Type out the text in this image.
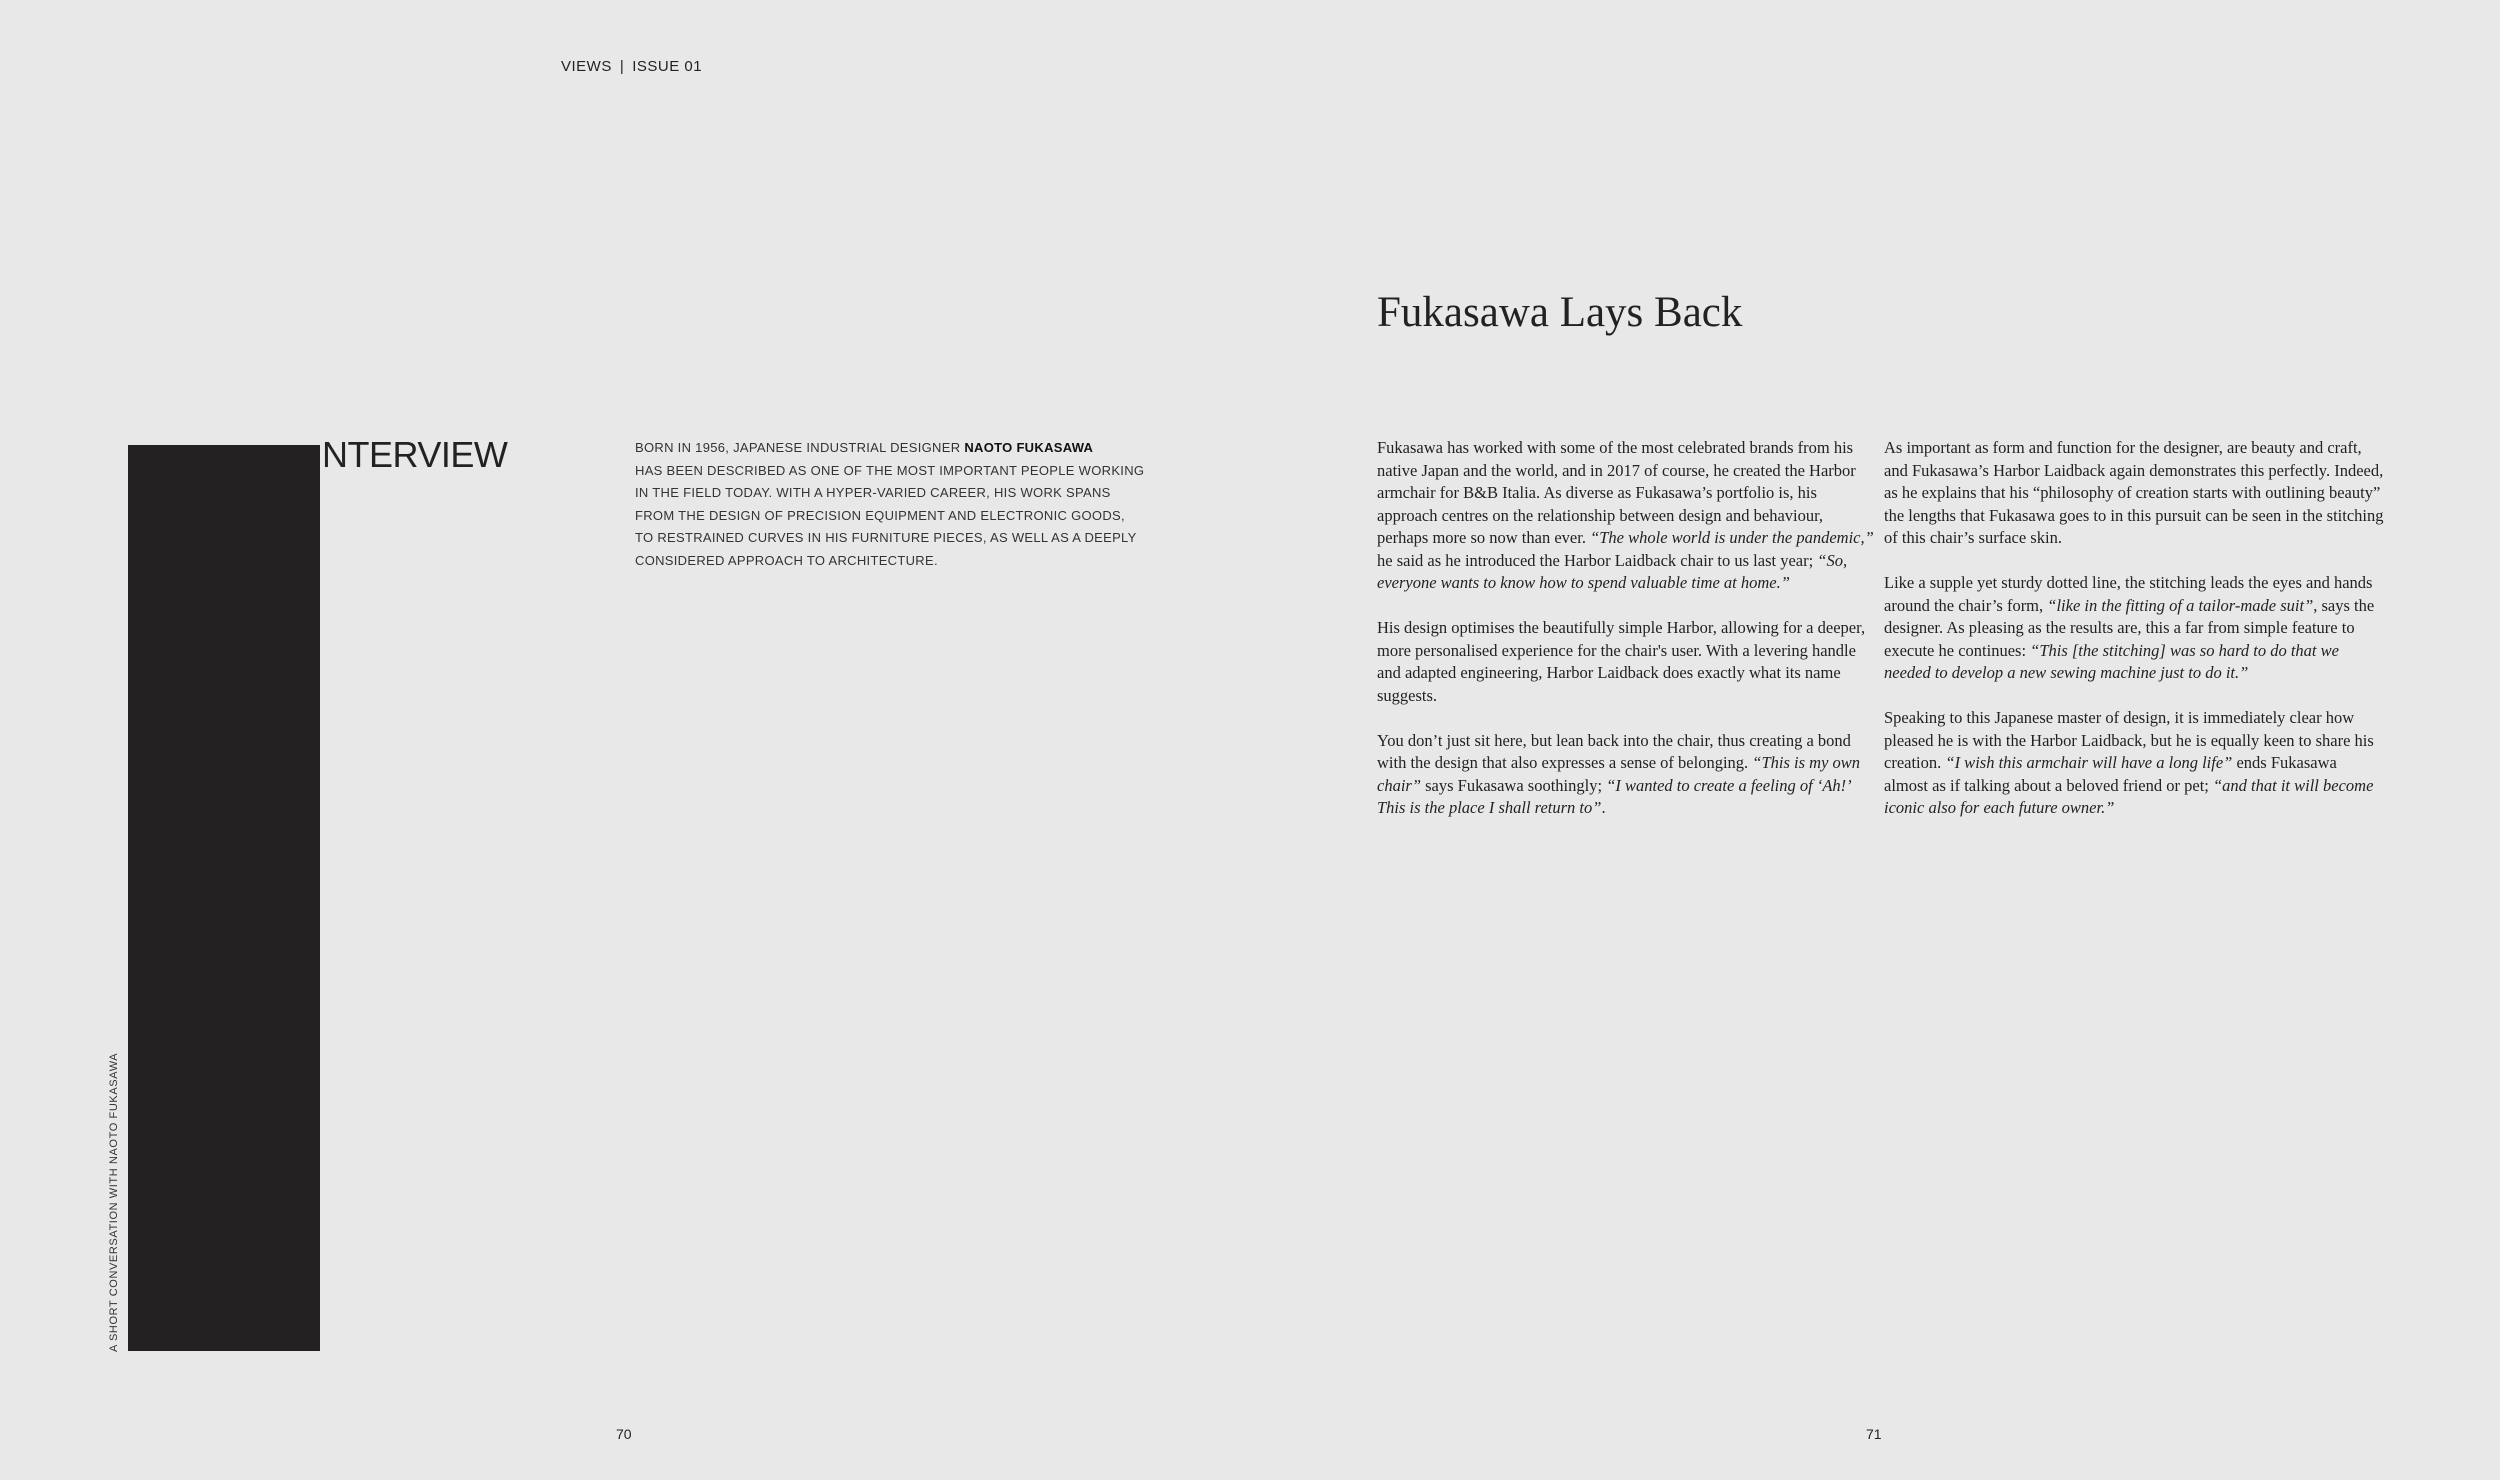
VIEWS | ISSUE 01
NTERVIEW
A SHORT CONVERSATION WITH NAOTO FUKASAWA

BORN IN 1956, JAPANESE INDUSTRIAL DESIGNER NAOTO FUKASAWA
HAS BEEN DESCRIBED AS ONE OF THE MOST IMPORTANT PEOPLE WORKING
IN THE FIELD TODAY. WITH A HYPER-VARIED CAREER, HIS WORK SPANS
FROM THE DESIGN OF PRECISION EQUIPMENT AND ELECTRONIC GOODS,
TO RESTRAINED CURVES IN HIS FURNITURE PIECES, AS WELL AS A DEEPLY
CONSIDERED APPROACH TO ARCHITECTURE.

Fukasawa Lays Back

Fukasawa has worked with some of the most celebrated brands from his native Japan and the world, and in 2017 of course, he created the Harbor armchair for B&B Italia. As diverse as Fukasawa’s portfolio is, his approach centres on the relationship between design and behaviour, perhaps more so now than ever. “The whole world is under the pandemic,” he said as he introduced the Harbor Laidback chair to us last year; “So, everyone wants to know how to spend valuable time at home.”

His design optimises the beautifully simple Harbor, allowing for a deeper, more personalised experience for the chair's user. With a levering handle and adapted engineering, Harbor Laidback does exactly what its name suggests.

You don’t just sit here, but lean back into the chair, thus creating a bond with the design that also expresses a sense of belonging. “This is my own chair” says Fukasawa soothingly; “I wanted to create a feeling of ‘Ah!’ This is the place I shall return to”.

As important as form and function for the designer, are beauty and craft, and Fukasawa’s Harbor Laidback again demonstrates this perfectly. Indeed, as he explains that his “philosophy of creation starts with outlining beauty” the lengths that Fukasawa goes to in this pursuit can be seen in the stitching of this chair’s surface skin.

Like a supple yet sturdy dotted line, the stitching leads the eyes and hands around the chair’s form, “like in the fitting of a tailor-made suit”, says the designer. As pleasing as the results are, this a far from simple feature to execute he continues: “This [the stitching] was so hard to do that we needed to develop a new sewing machine just to do it.”

Speaking to this Japanese master of design, it is immediately clear how pleased he is with the Harbor Laidback, but he is equally keen to share his creation. “I wish this armchair will have a long life” ends Fukasawa almost as if talking about a beloved friend or pet; “and that it will become iconic also for each future owner.”

70	71
